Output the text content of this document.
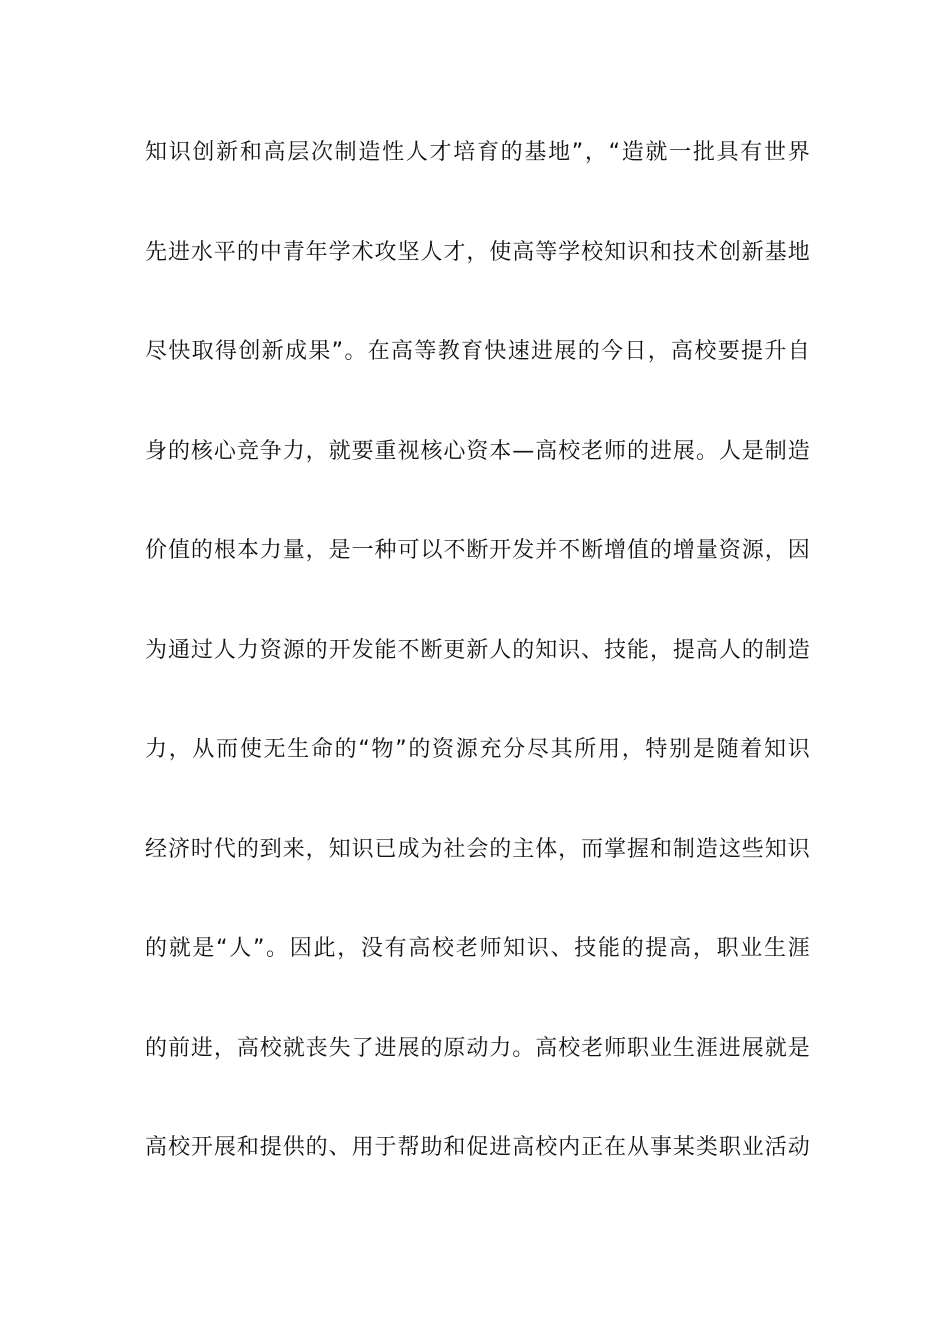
知识创新和高层次制造性人才培育的基地”，“造就一批具有世界
先进水平的中青年学术攻坚人才，使高等学校知识和技术创新基地
尽快取得创新成果”。在高等教育快速进展的今日，高校要提升自
身的核心竞争力，就要重视核心资本—高校老师的进展。人是制造
价值的根本力量，是一种可以不断开发并不断增值的增量资源，因
为通过人力资源的开发能不断更新人的知识、技能，提高人的制造
力，从而使无生命的“物”的资源充分尽其所用，特别是随着知识
经济时代的到来，知识已成为社会的主体，而掌握和制造这些知识
的就是“人”。因此，没有高校老师知识、技能的提高，职业生涯
的前进，高校就丧失了进展的原动力。高校老师职业生涯进展就是
高校开展和提供的、用于帮助和促进高校内正在从事某类职业活动
